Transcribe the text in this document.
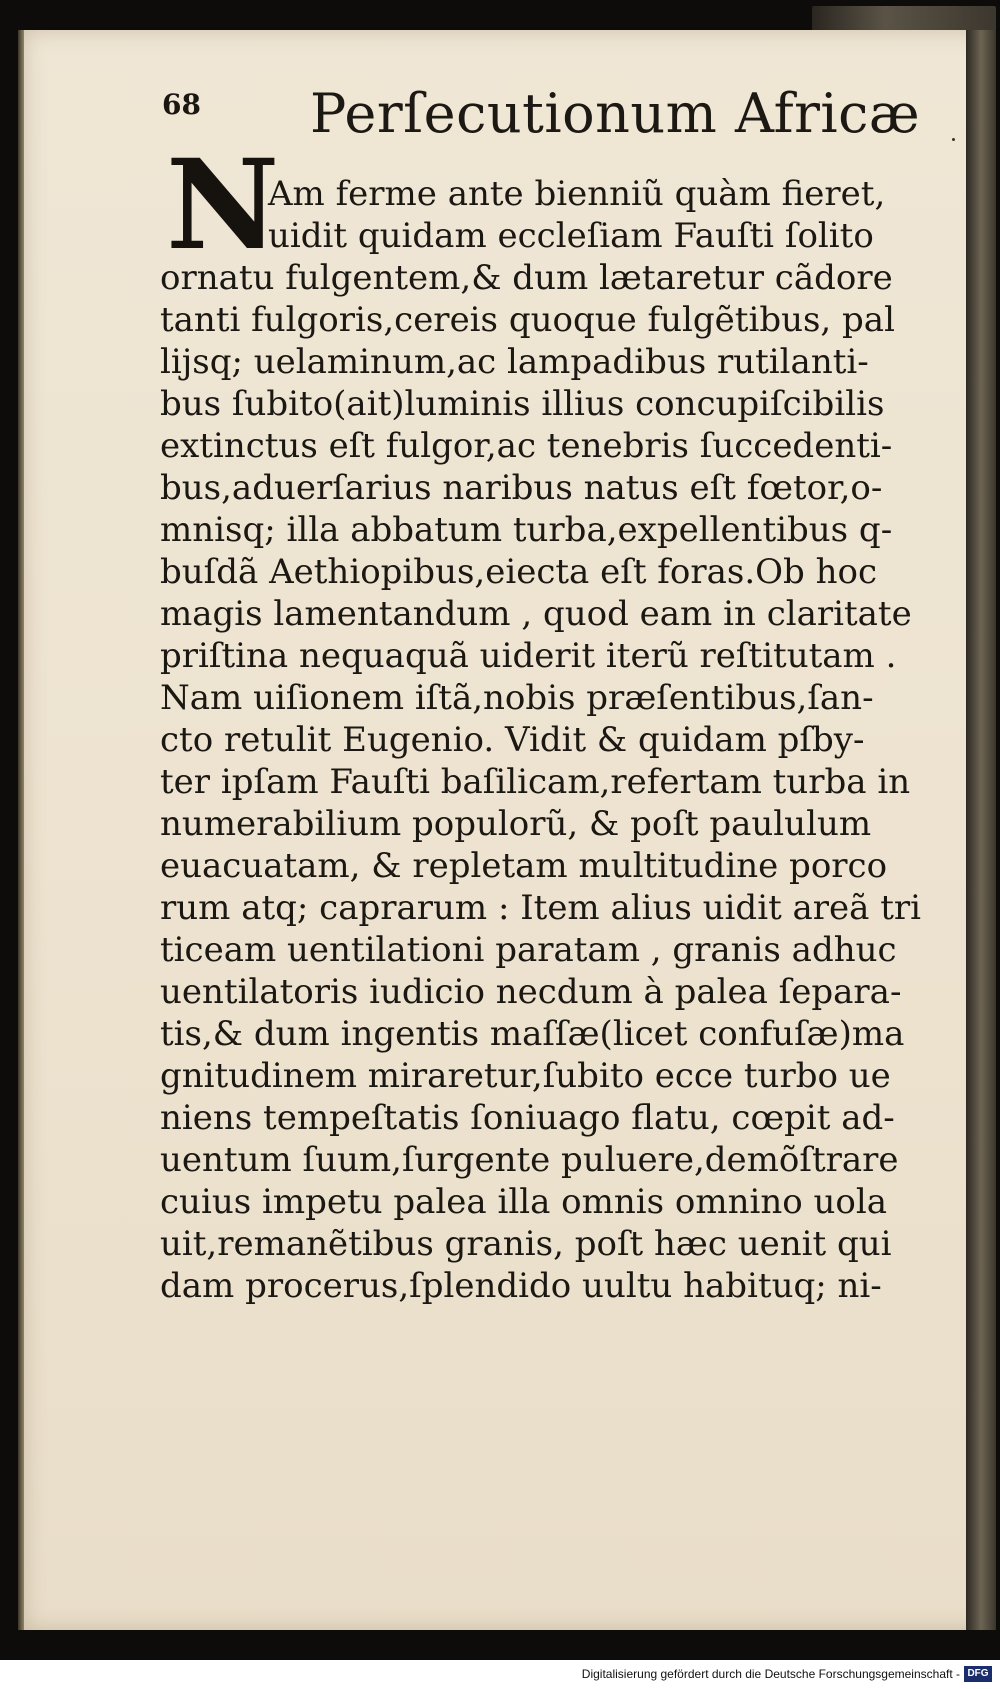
68 Perſecutionum Africæ
N
Am ferme ante bienniũ quàm fieret,
uidit quidam eccleſiam Fauſti ſolito
ornatu fulgentem,& dum lætaretur cãdore
tanti fulgoris,cereis quoque fulgẽtibus, pal
lijsq; uelaminum,ac lampadibus rutilanti-
bus ſubito(ait)luminis illius concupiſcibilis
extinctus eſt fulgor,ac tenebris ſuccedenti-
bus,aduerſarius naribus natus eſt fœtor,o-
mnisq; illa abbatum turba,expellentibus q-
buſdã Aethiopibus,eiecta eſt foras.Ob hoc
magis lamentandum , quod eam in claritate
priſtina nequaquã uiderit iterũ reſtitutam .
Nam uiſionem iſtã,nobis præſentibus,ſan-
cto retulit Eugenio. Vidit & quidam pſby-
ter ipſam Fauſti baſilicam,refertam turba in
numerabilium populorũ, & poſt paululum
euacuatam, & repletam multitudine porco
rum atq; caprarum : Item alius uidit areã tri
ticeam uentilationi paratam , granis adhuc
uentilatoris iudicio necdum à palea ſepara-
tis,& dum ingentis maſſæ(licet confuſæ)ma
gnitudinem miraretur,ſubito ecce turbo ue
niens tempeſtatis ſoniuago flatu, cœpit ad-
uentum ſuum,ſurgente puluere,demõſtrare
cuius impetu palea illa omnis omnino uola
uit,remanẽtibus granis, poſt hæc uenit qui
dam procerus,ſplendido uultu habituq; ni-
Digitalisierung gefördert durch die Deutsche Forschungsgemeinschaft - DFG
